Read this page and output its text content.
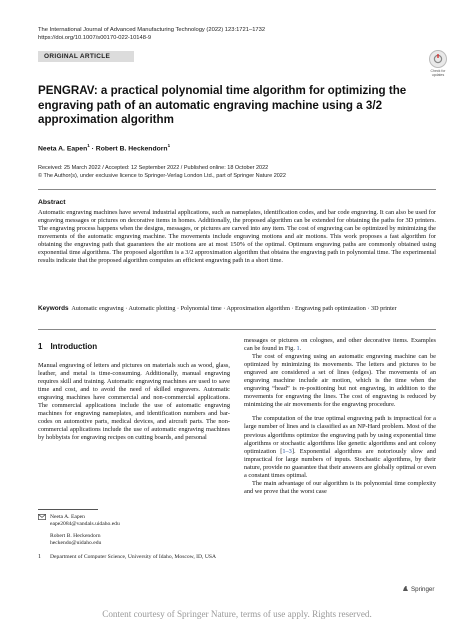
The International Journal of Advanced Manufacturing Technology (2022) 123:1721–1732
https://doi.org/10.1007/s00170-022-10148-9
ORIGINAL ARTICLE
Check for updates
PENGRAV: a practical polynomial time algorithm for optimizing the engraving path of an automatic engraving machine using a 3/2 approximation algorithm
Neeta A. Eapen$^1$ · Robert B. Heckendorn$^1$
Received: 25 March 2022 / Accepted: 12 September 2022 / Published online: 18 October 2022
© The Author(s), under exclusive licence to Springer-Verlag London Ltd., part of Springer Nature 2022
Abstract
Automatic engraving machines have several industrial applications, such as nameplates, identification codes, and bar code engraving. It can also be used for engraving messages or pictures on decorative items in homes. Additionally, the proposed algorithm can be extended for obtaining the paths for 3D printers. The engraving process happens when the designs, messages, or pictures are carved into any item. The cost of engraving can be optimized by minimizing the movements of the automatic engraving machine. The movements include engraving motions and air motions. This work proposes a fast algorithm for obtaining the engraving path that guarantees the air motions are at most 150% of the optimal. Optimum engraving paths are commonly obtained using exponential time algorithms. The proposed algorithm is a 3/2 approximation algorithm that obtains the engraving path in polynomial time. The experimental results indicate that the proposed algorithm computes an efficient engraving path in a short time.
Keywords Automatic engraving · Automatic plotting · Polynomial time · Approximation algorithm · Engraving path optimization · 3D printer
1 Introduction

Manual engraving of letters and pictures on materials such as wood, glass, leather, and metal is time-consuming. Additionally, manual engraving requires skill and training. Automatic engraving machines are used to save time and cost, and to avoid the need of skilled engravers. Automatic engraving machines have commercial and non-commercial applications. The commercial applications include the use of automatic engraving machines for engraving nameplates, and identification numbers and bar-codes on automotive parts, medical devices, and aircraft parts. The non-commercial applications include the use of automatic engraving machines by hobbyists for engraving recipes on cutting boards, and personal

messages or pictures on colognes, and other decorative items. Examples can be found in Fig. 1.

The cost of engraving using an automatic engraving machine can be optimized by minimizing its movements. The letters and pictures to be engraved are considered a set of lines (edges). The movements of an engraving machine include air motion, which is the time when the engraving “head” is re-positioning but not engraving, in addition to the movements for engraving the lines. The cost of engraving is reduced by minimizing the air movements for the engraving procedure.

The computation of the true optimal engraving path is impractical for a large number of lines and is classified as an NP-Hard problem. Most of the previous algorithms optimize the engraving path by using exponential time algorithms or stochastic algorithms like genetic algorithms and ant colony optimization [1–3]. Exponential algorithms are notoriously slow and impractical for large numbers of inputs. Stochastic algorithms, by their nature, provide no guarantee that their answers are globally optimal or even a constant times optimal.

The main advantage of our algorithm is its polynomial time complexity and we prove that the worst case

Neeta A. Eapen
eape2084@vandals.uidaho.edu
Robert B. Heckendorn
heckendo@uidaho.edu
1	Department of Computer Science, University of Idaho, Moscow, ID, USA
Springer
Content courtesy of Springer Nature, terms of use apply. Rights reserved.
